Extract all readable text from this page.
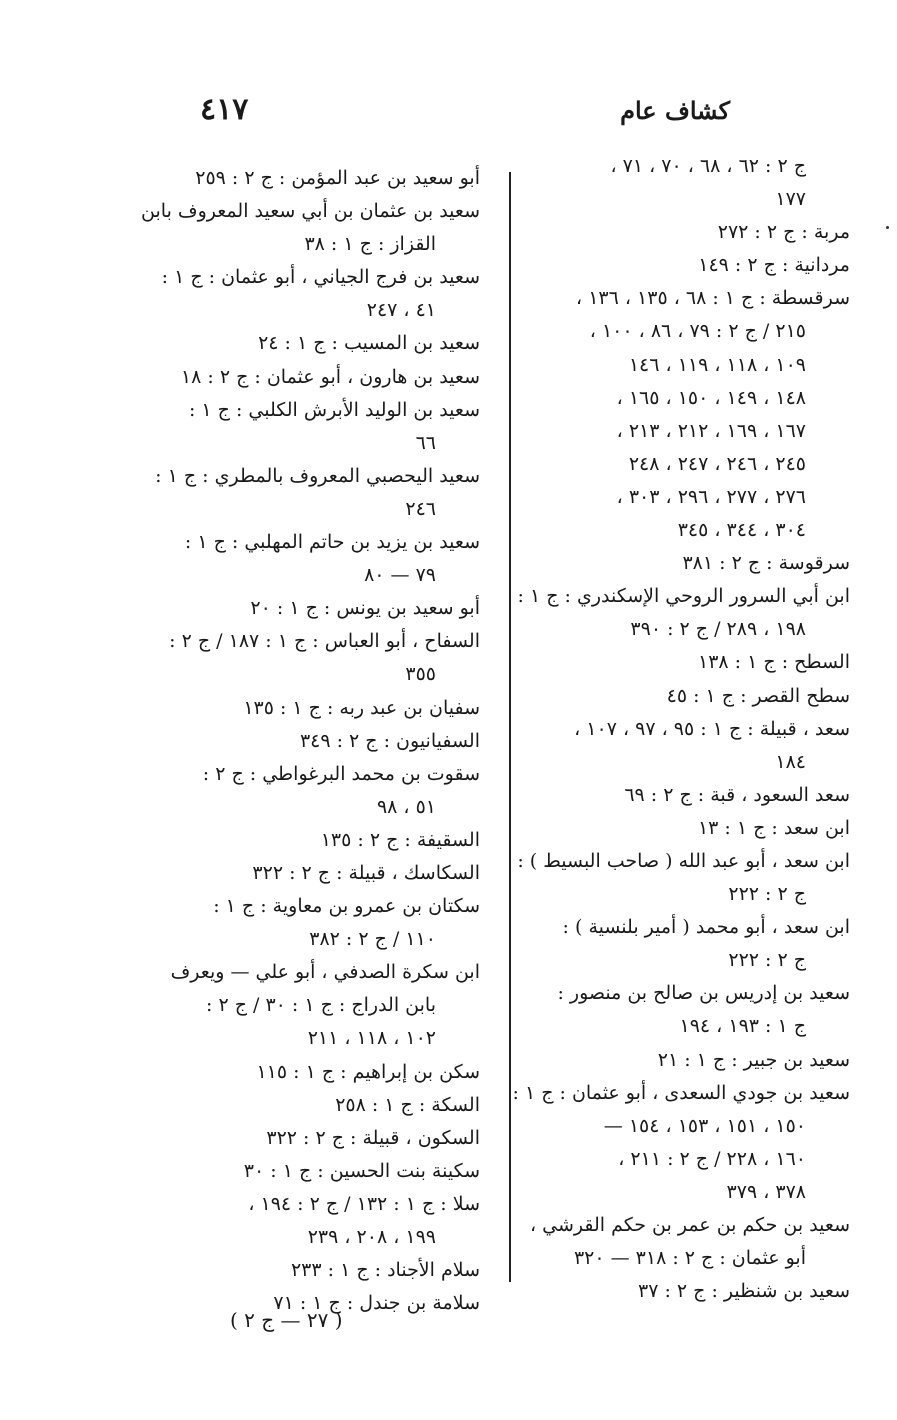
٤١٧	كشاف عام
ج ٢ : ٦٢ ، ٦٨ ، ٧٠ ، ٧١ ،
١٧٧
مربة : ج ٢ : ٢٧٢
مردانية : ج ٢ : ١٤٩
سرقسطة : ج ١ : ٦٨ ، ١٣٥ ، ١٣٦ ،
٢١٥ / ج ٢ : ٧٩ ، ٨٦ ، ١٠٠ ،
١٠٩ ، ١١٨ ، ١١٩ ، ١٤٦
١٤٨ ، ١٤٩ ، ١٥٠ ، ١٦٥ ،
١٦٧ ، ١٦٩ ، ٢١٢ ، ٢١٣ ،
٢٤٥ ، ٢٤٦ ، ٢٤٧ ، ٢٤٨
٢٧٦ ، ٢٧٧ ، ٢٩٦ ، ٣٠٣ ،
٣٠٤ ، ٣٤٤ ، ٣٤٥
سرقوسة : ج ٢ : ٣٨١
ابن أبي السرور الروحي الإسكندري : ج ١ :
١٩٨ ، ٢٨٩ / ج ٢ : ٣٩٠
السطح : ج ١ : ١٣٨
سطح القصر : ج ١ : ٤٥
سعد ، قبيلة : ج ١ : ٩٥ ، ٩٧ ، ١٠٧ ،
١٨٤
سعد السعود ، قبة : ج ٢ : ٦٩
ابن سعد : ج ١ : ١٣
ابن سعد ، أبو عبد الله ( صاحب البسيط ) :
ج ٢ : ٢٢٢
ابن سعد ، أبو محمد ( أمير بلنسية ) :
ج ٢ : ٢٢٢
سعيد بن إدريس بن صالح بن منصور :
ج ١ : ١٩٣ ، ١٩٤
سعيد بن جبير : ج ١ : ٢١
سعيد بن جودي السعدى ، أبو عثمان : ج ١ :
١٥٠ ، ١٥١ ، ١٥٣ ، ١٥٤ —
١٦٠ ، ٢٢٨ / ج ٢ : ٢١١ ،
٣٧٨ ، ٣٧٩
سعيد بن حكم بن عمر بن حكم القرشي ،
أبو عثمان : ج ٢ : ٣١٨ — ٣٢٠
سعيد بن شنظير : ج ٢ : ٣٧
أبو سعيد بن عبد المؤمن : ج ٢ : ٢٥٩
سعيد بن عثمان بن أبي سعيد المعروف بابن
القزاز : ج ١ : ٣٨
سعيد بن فرج الجياني ، أبو عثمان : ج ١ :
٤١ ، ٢٤٧
سعيد بن المسيب : ج ١ : ٢٤
سعيد بن هارون ، أبو عثمان : ج ٢ : ١٨
سعيد بن الوليد الأبرش الكلبي : ج ١ :
٦٦
سعيد اليحصبي المعروف بالمطري : ج ١ :
٢٤٦
سعيد بن يزيد بن حاتم المهلبي : ج ١ :
٧٩ — ٨٠
أبو سعيد بن يونس : ج ١ : ٢٠
السفاح ، أبو العباس : ج ١ : ١٨٧ / ج ٢ :
٣٥٥
سفيان بن عبد ربه : ج ١ : ١٣٥
السفيانيون : ج ٢ : ٣٤٩
سقوت بن محمد البرغواطي : ج ٢ :
٥١ ، ٩٨
السقيفة : ج ٢ : ١٣٥
السكاسك ، قبيلة : ج ٢ : ٣٢٢
سكتان بن عمرو بن معاوية : ج ١ :
١١٠ / ج ٢ : ٣٨٢
ابن سكرة الصدفي ، أبو علي — ويعرف
بابن الدراج : ج ١ : ٣٠ / ج ٢ :
١٠٢ ، ١١٨ ، ٢١١
سكن بن إبراهيم : ج ١ : ١١٥
السكة : ج ١ : ٢٥٨
السكون ، قبيلة : ج ٢ : ٣٢٢
سكينة بنت الحسين : ج ١ : ٣٠
سلا : ج ١ : ١٣٢ / ج ٢ : ١٩٤ ،
١٩٩ ، ٢٠٨ ، ٢٣٩
سلام الأجناد : ج ١ : ٢٣٣
سلامة بن جندل : ج ١ : ٧١
( ٢٧ — ج ٢ )
